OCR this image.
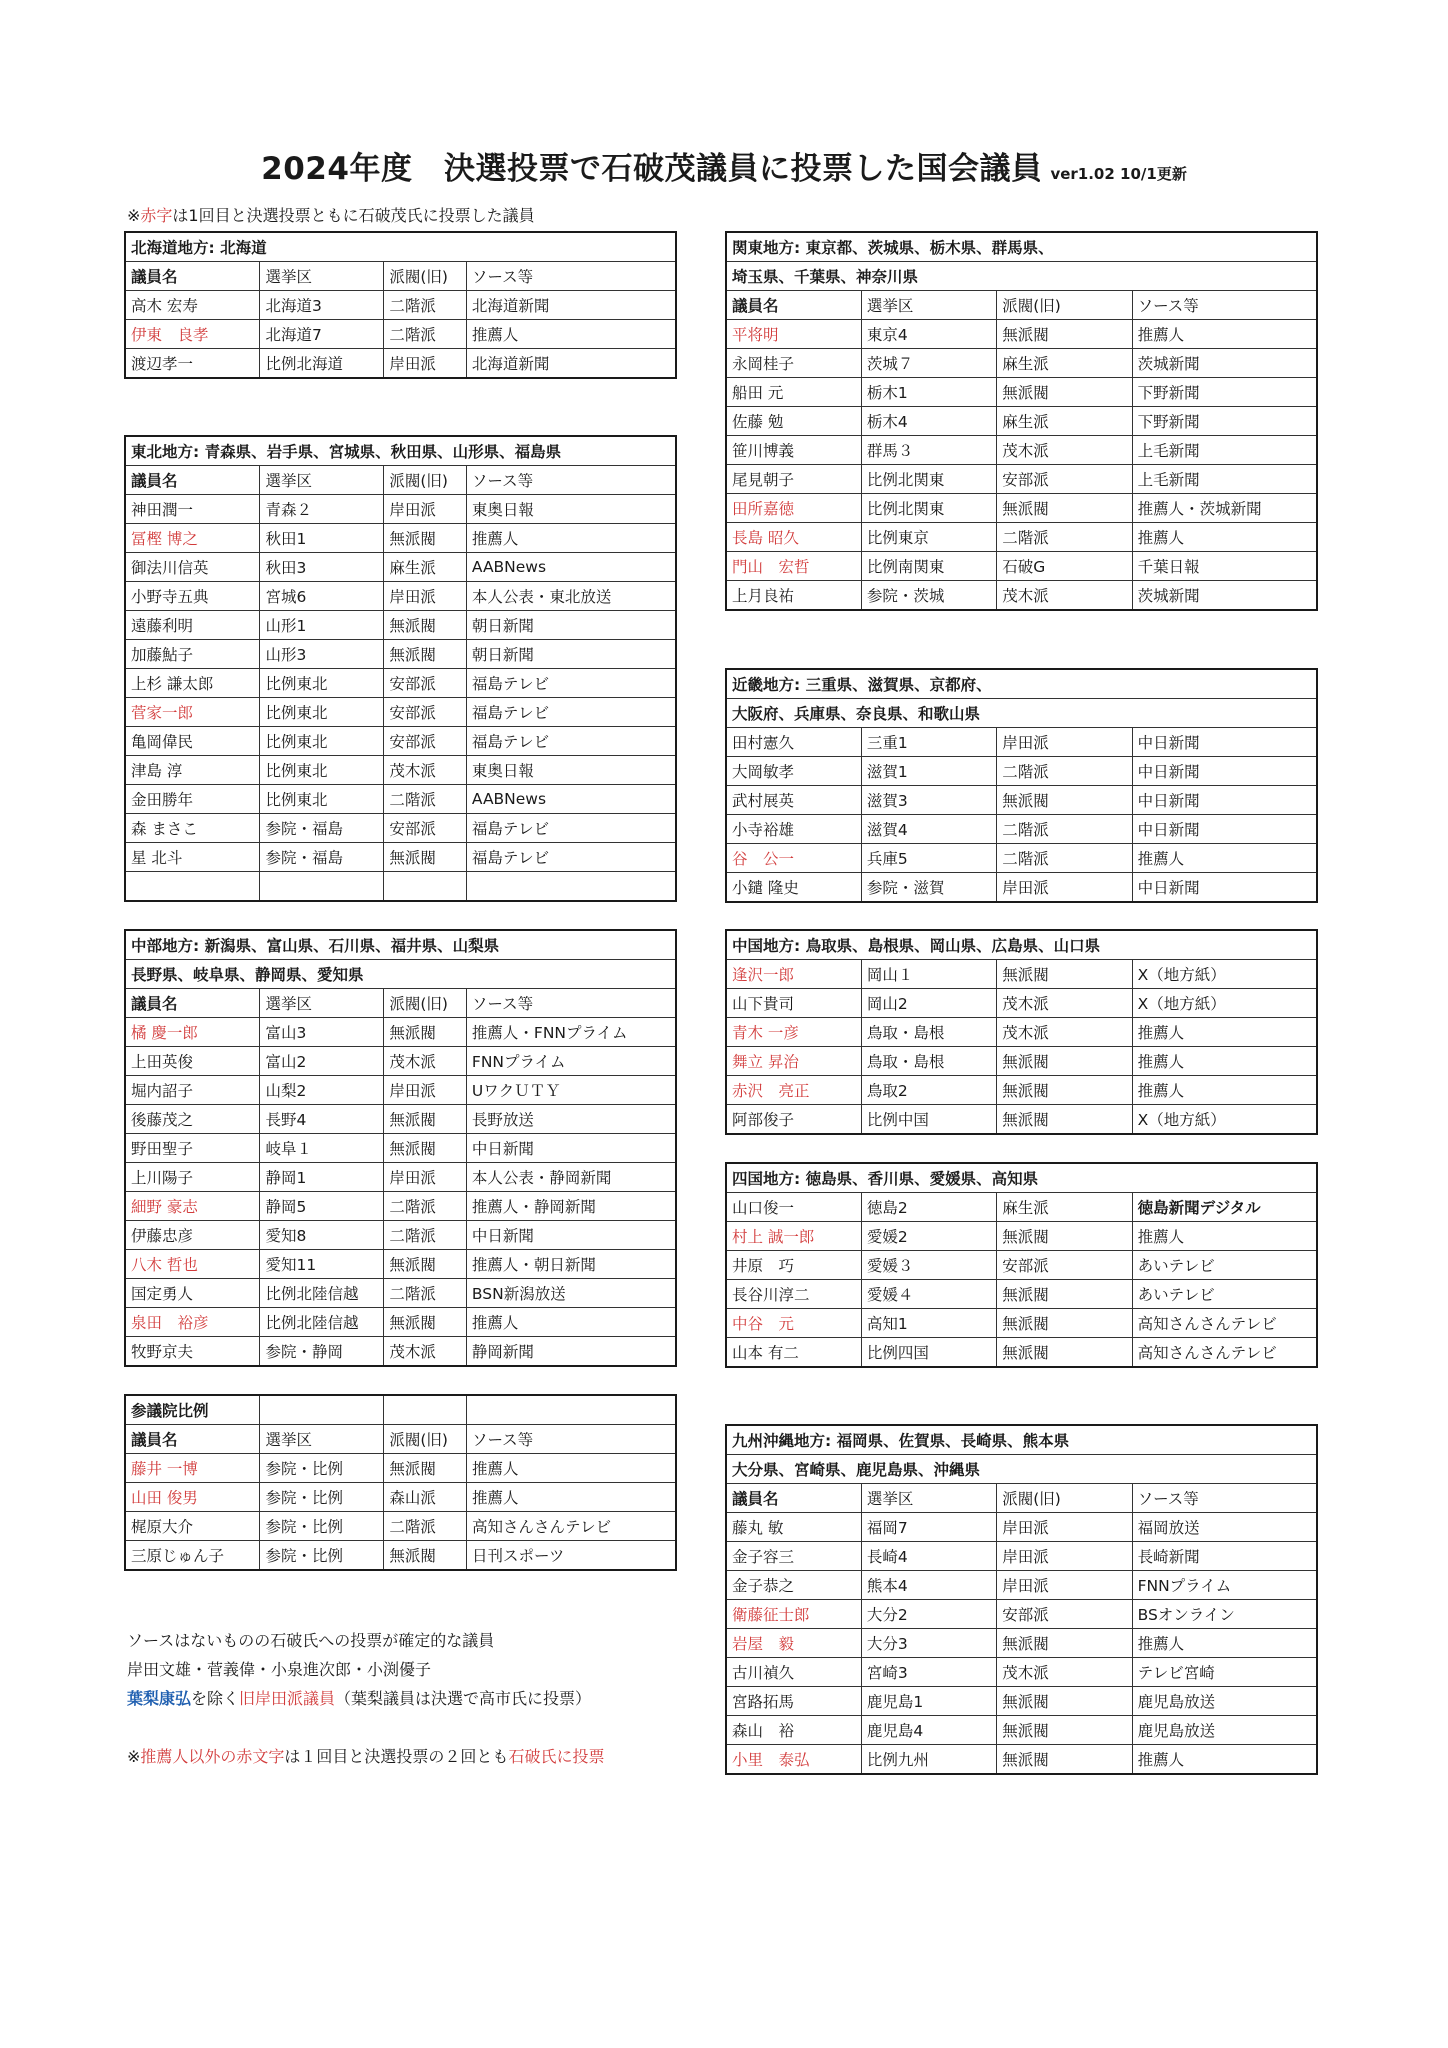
2024年度　決選投票で石破茂議員に投票した国会議員 ver1.02 10/1更新
※赤字は1回目と決選投票ともに石破茂氏に投票した議員
北海道地方: 北海道			
議員名	選挙区	派閥(旧)	ソース等
高木 宏寿	北海道3	二階派	北海道新聞
伊東　良孝	北海道7	二階派	推薦人
渡辺孝一	比例北海道	岸田派	北海道新聞
東北地方: 青森県、岩手県、宮城県、秋田県、山形県、福島県			
議員名	選挙区	派閥(旧)	ソース等
神田潤一	青森２	岸田派	東奥日報
冨樫 博之	秋田1	無派閥	推薦人
御法川信英	秋田3	麻生派	AABNews
小野寺五典	宮城6	岸田派	本人公表・東北放送
遠藤利明	山形1	無派閥	朝日新聞
加藤鮎子	山形3	無派閥	朝日新聞
上杉 謙太郎	比例東北	安部派	福島テレビ
菅家一郎	比例東北	安部派	福島テレビ
亀岡偉民	比例東北	安部派	福島テレビ
津島 淳	比例東北	茂木派	東奥日報
金田勝年	比例東北	二階派	AABNews
森 まさこ	参院・福島	安部派	福島テレビ
星 北斗	参院・福島	無派閥	福島テレビ

中部地方: 新潟県、富山県、石川県、福井県、山梨県			
長野県、岐阜県、静岡県、愛知県			
議員名	選挙区	派閥(旧)	ソース等
橘 慶一郎	富山3	無派閥	推薦人・FNNプライム
上田英俊	富山2	茂木派	FNNプライム
堀内詔子	山梨2	岸田派	UワクＵＴＹ
後藤茂之	長野4	無派閥	長野放送
野田聖子	岐阜１	無派閥	中日新聞
上川陽子	静岡1	岸田派	本人公表・静岡新聞
細野 豪志	静岡5	二階派	推薦人・静岡新聞
伊藤忠彦	愛知8	二階派	中日新聞
八木 哲也	愛知11	無派閥	推薦人・朝日新聞
国定勇人	比例北陸信越	二階派	BSN新潟放送
泉田　裕彦	比例北陸信越	無派閥	推薦人
牧野京夫	参院・静岡	茂木派	静岡新聞
参議院比例			
議員名	選挙区	派閥(旧)	ソース等
藤井 一博	参院・比例	無派閥	推薦人
山田 俊男	参院・比例	森山派	推薦人
梶原大介	参院・比例	二階派	高知さんさんテレビ
三原じゅん子	参院・比例	無派閥	日刊スポーツ
関東地方: 東京都、茨城県、栃木県、群馬県、			
埼玉県、千葉県、神奈川県			
議員名	選挙区	派閥(旧)	ソース等
平将明	東京4	無派閥	推薦人
永岡桂子	茨城７	麻生派	茨城新聞
船田 元	栃木1	無派閥	下野新聞
佐藤 勉	栃木4	麻生派	下野新聞
笹川博義	群馬３	茂木派	上毛新聞
尾見朝子	比例北関東	安部派	上毛新聞
田所嘉徳	比例北関東	無派閥	推薦人・茨城新聞
長島 昭久	比例東京	二階派	推薦人
門山　宏哲	比例南関東	石破G	千葉日報
上月良祐	参院・茨城	茂木派	茨城新聞
近畿地方: 三重県、滋賀県、京都府、			
大阪府、兵庫県、奈良県、和歌山県			
田村憲久	三重1	岸田派	中日新聞
大岡敏孝	滋賀1	二階派	中日新聞
武村展英	滋賀3	無派閥	中日新聞
小寺裕雄	滋賀4	二階派	中日新聞
谷　公一	兵庫5	二階派	推薦人
小鑓 隆史	参院・滋賀	岸田派	中日新聞
中国地方: 鳥取県、島根県、岡山県、広島県、山口県			
逢沢一郎	岡山１	無派閥	X（地方紙）
山下貴司	岡山2	茂木派	X（地方紙）
青木 一彦	鳥取・島根	茂木派	推薦人
舞立 昇治	鳥取・島根	無派閥	推薦人
赤沢　亮正	鳥取2	無派閥	推薦人
阿部俊子	比例中国	無派閥	X（地方紙）
四国地方: 徳島県、香川県、愛媛県、高知県			
山口俊一	徳島2	麻生派	徳島新聞デジタル
村上 誠一郎	愛媛2	無派閥	推薦人
井原　巧	愛媛３	安部派	あいテレビ
長谷川淳二	愛媛４	無派閥	あいテレビ
中谷　元	高知1	無派閥	高知さんさんテレビ
山本 有二	比例四国	無派閥	高知さんさんテレビ
九州沖縄地方: 福岡県、佐賀県、長崎県、熊本県			
大分県、宮崎県、鹿児島県、沖縄県			
議員名	選挙区	派閥(旧)	ソース等
藤丸 敏	福岡7	岸田派	福岡放送
金子容三	長崎4	岸田派	長崎新聞
金子恭之	熊本4	岸田派	FNNプライム
衛藤征士郎	大分2	安部派	BSオンライン
岩屋　毅	大分3	無派閥	推薦人
古川禎久	宮崎3	茂木派	テレビ宮崎
宮路拓馬	鹿児島1	無派閥	鹿児島放送
森山　裕	鹿児島4	無派閥	鹿児島放送
小里　泰弘	比例九州	無派閥	推薦人
ソースはないものの石破氏への投票が確定的な議員
岸田文雄・菅義偉・小泉進次郎・小渕優子
葉梨康弘を除く旧岸田派議員（葉梨議員は決選で高市氏に投票）
※推薦人以外の赤文字は１回目と決選投票の２回とも石破氏に投票
